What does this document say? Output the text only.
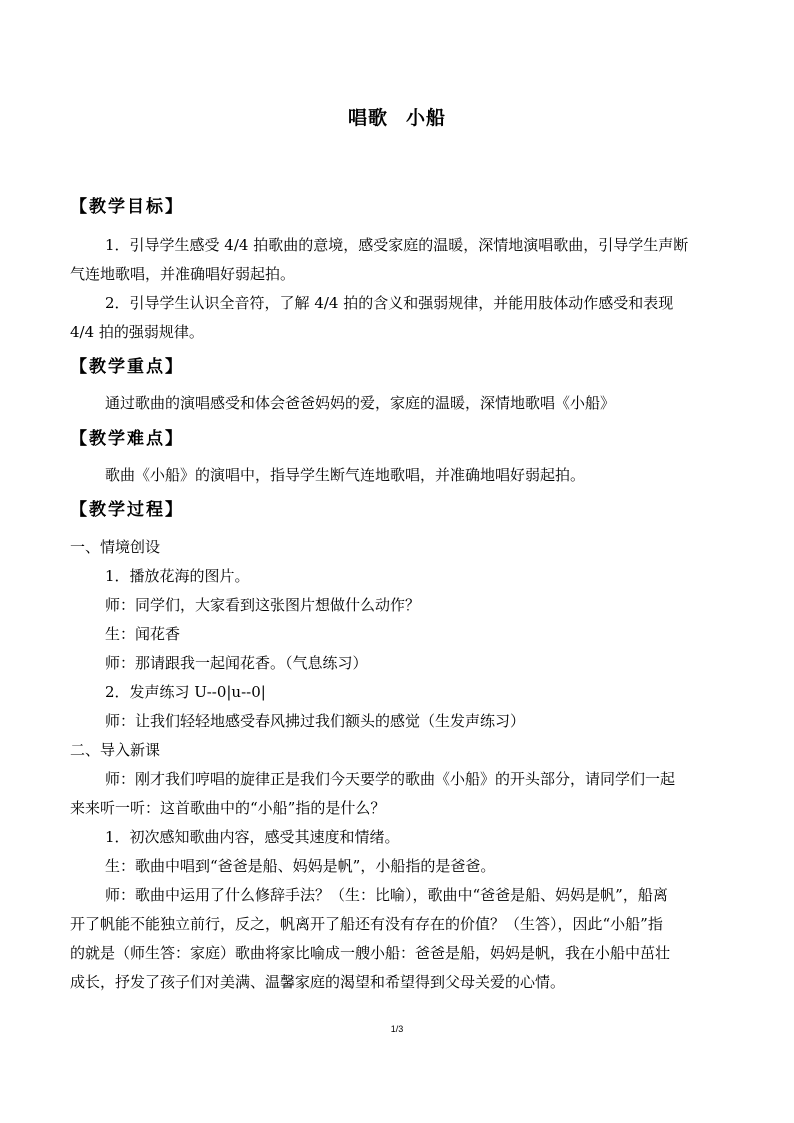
唱歌 小船
【教学目标】
1．引导学生感受 4/4 拍歌曲的意境，感受家庭的温暖，深情地演唱歌曲，引导学生声断
气连地歌唱，并准确唱好弱起拍。
2．引导学生认识全音符，了解 4/4 拍的含义和强弱规律，并能用肢体动作感受和表现
4/4 拍的强弱规律。
【教学重点】
通过歌曲的演唱感受和体会爸爸妈妈的爱，家庭的温暖，深情地歌唱《小船》
【教学难点】
歌曲《小船》的演唱中，指导学生断气连地歌唱，并准确地唱好弱起拍。
【教学过程】
一、情境创设
1．播放花海的图片。
师：同学们，大家看到这张图片想做什么动作？
生：闻花香
师：那请跟我一起闻花香。（气息练习）
2．发声练习 U--0|u--0|
师：让我们轻轻地感受春风拂过我们额头的感觉（生发声练习）
二、导入新课
师：刚才我们哼唱的旋律正是我们今天要学的歌曲《小船》的开头部分，请同学们一起
来来听一听：这首歌曲中的“小船”指的是什么？
1．初次感知歌曲内容，感受其速度和情绪。
生：歌曲中唱到“爸爸是船、妈妈是帆”，小船指的是爸爸。
师：歌曲中运用了什么修辞手法？（生：比喻），歌曲中“爸爸是船、妈妈是帆”，船离
开了帆能不能独立前行，反之，帆离开了船还有没有存在的价值？（生答），因此“小船”指
的就是（师生答：家庭）歌曲将家比喻成一艘小船：爸爸是船，妈妈是帆，我在小船中茁壮
成长，抒发了孩子们对美满、温馨家庭的渴望和希望得到父母关爱的心情。
1/3
